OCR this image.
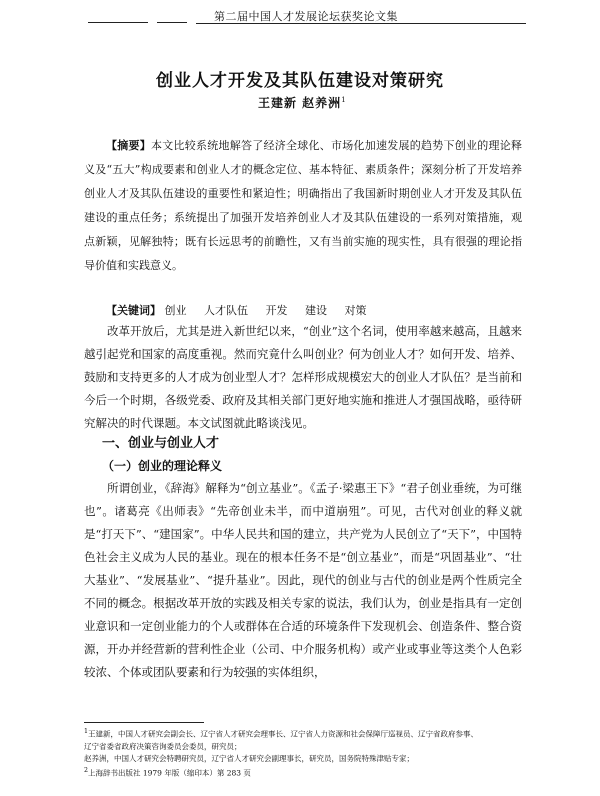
第二届中国人才发展论坛获奖论文集
创业人才开发及其队伍建设对策研究
王建新 赵养洲$^1$
【摘要】本文比较系统地解答了经济全球化、市场化加速发展的趋势下创业的理论释义及“五大”构成要素和创业人才的概念定位、基本特征、素质条件；深刻分析了开发培养创业人才及其队伍建设的重要性和紧迫性；明确指出了我国新时期创业人才开发及其队伍建设的重点任务；系统提出了加强开发培养创业人才及其队伍建设的一系列对策措施，观点新颖，见解独特；既有长远思考的前瞻性，又有当前实施的现实性，具有很强的理论指导价值和实践意义。
【关键词】 创业 人才队伍 开发 建设 对策
改革开放后，尤其是进入新世纪以来，“创业”这个名词，使用率越来越高，且越来越引起党和国家的高度重视。然而究竟什么叫创业？何为创业人才？如何开发、培养、鼓励和支持更多的人才成为创业型人才？怎样形成规模宏大的创业人才队伍？是当前和今后一个时期，各级党委、政府及其相关部门更好地实施和推进人才强国战略，亟待研究解决的时代课题。本文试图就此略谈浅见。
一、创业与创业人才
（一）创业的理论释义
所谓创业，《辞海》解释为“创立基业”。《孟子·梁惠王下》“君子创业垂统，为可继也”。诸葛亮《出师表》“先帝创业未半，而中道崩殂”。可见，古代对创业的释义就是“打天下”、“建国家”。中华人民共和国的建立，共产党为人民创立了“天下”，中国特色社会主义成为人民的基业。现在的根本任务不是“创立基业”，而是“巩固基业”、“壮大基业”、“发展基业”、“提升基业”。因此，现代的创业与古代的创业是两个性质完全不同的概念。根据改革开放的实践及相关专家的说法，我们认为，创业是指具有一定创业意识和一定创业能力的个人或群体在合适的环境条件下发现机会、创造条件、整合资源，开办并经营新的营利性企业（公司、中介服务机构）或产业或事业等这类个人色彩较浓、个体或团队要素和行为较强的实体组织，
$^1$王建新，中国人才研究会副会长、辽宁省人才研究会理事长、辽宁省人力资源和社会保障厅巡视员、辽宁省政府参事、
辽宁省委省政府决策咨询委员会委员，研究员；
赵养洲，中国人才研究会特聘研究员，辽宁省人才研究会副理事长，研究员，国务院特殊津贴专家；
$^2$上海辞书出版社 1979 年版（缩印本）第 283 页
